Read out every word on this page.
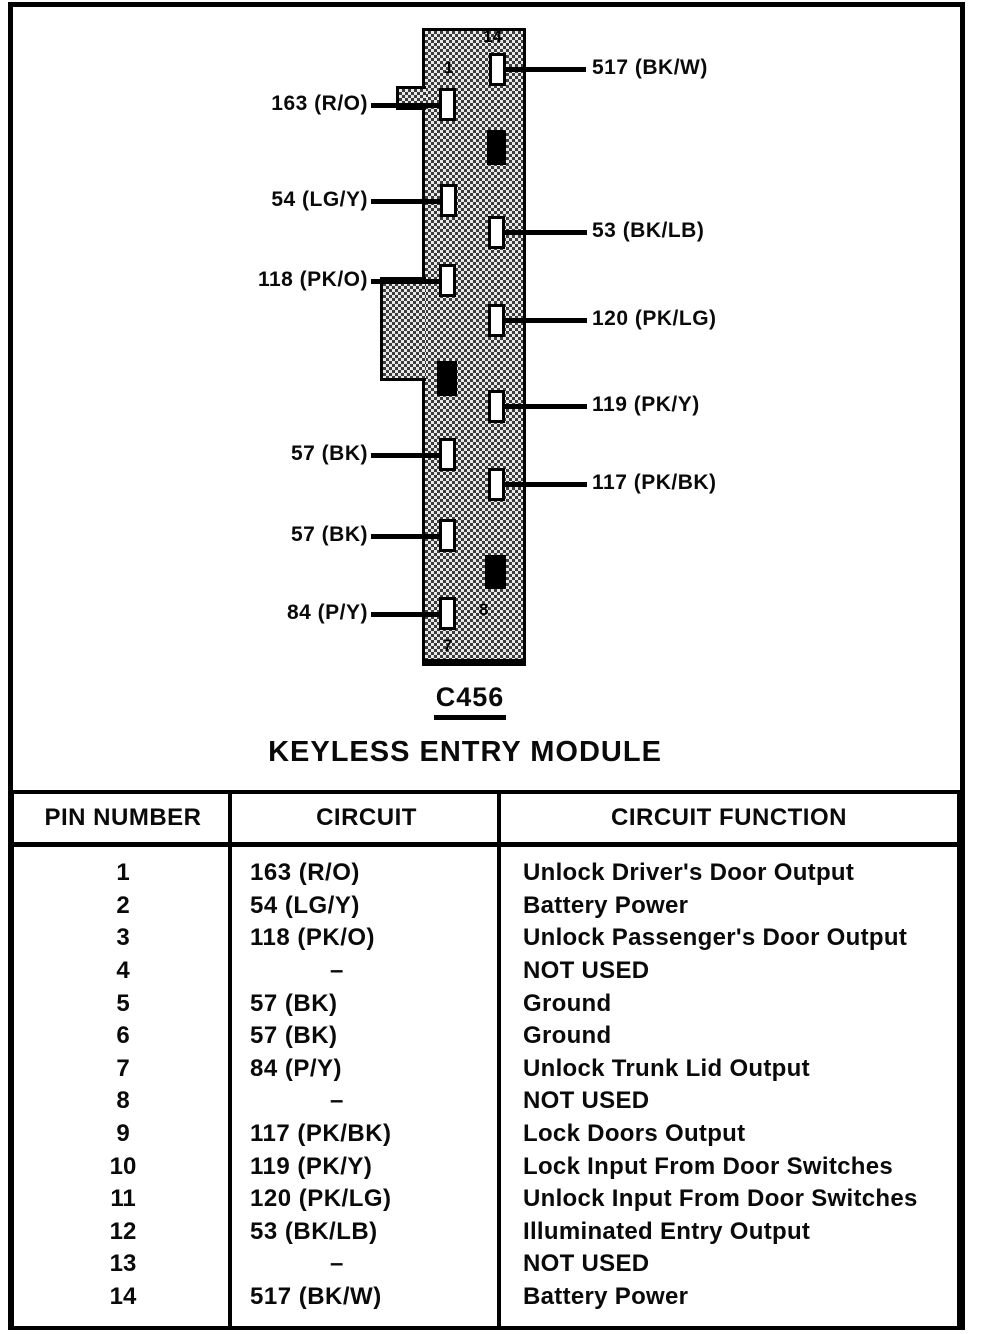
14
1
8
7
163 (R/O)
54 (LG/Y)
118 (PK/O)
57 (BK)
57 (BK)
84 (P/Y)
517 (BK/W)
53 (BK/LB)
120 (PK/LG)
119 (PK/Y)
117 (PK/BK)
C456
KEYLESS ENTRY MODULE
PIN NUMBER	CIRCUIT	CIRCUIT FUNCTION
1	163 (R/O)	Unlock Driver's Door Output
2	54 (LG/Y)	Battery Power
3	118 (PK/O)	Unlock Passenger's Door Output
4	–	NOT USED
5	57 (BK)	Ground
6	57 (BK)	Ground
7	84 (P/Y)	Unlock Trunk Lid Output
8	–	NOT USED
9	117 (PK/BK)	Lock Doors Output
10	119 (PK/Y)	Lock Input From Door Switches
11	120 (PK/LG)	Unlock Input From Door Switches
12	53 (BK/LB)	Illuminated Entry Output
13	–	NOT USED
14	517 (BK/W)	Battery Power
